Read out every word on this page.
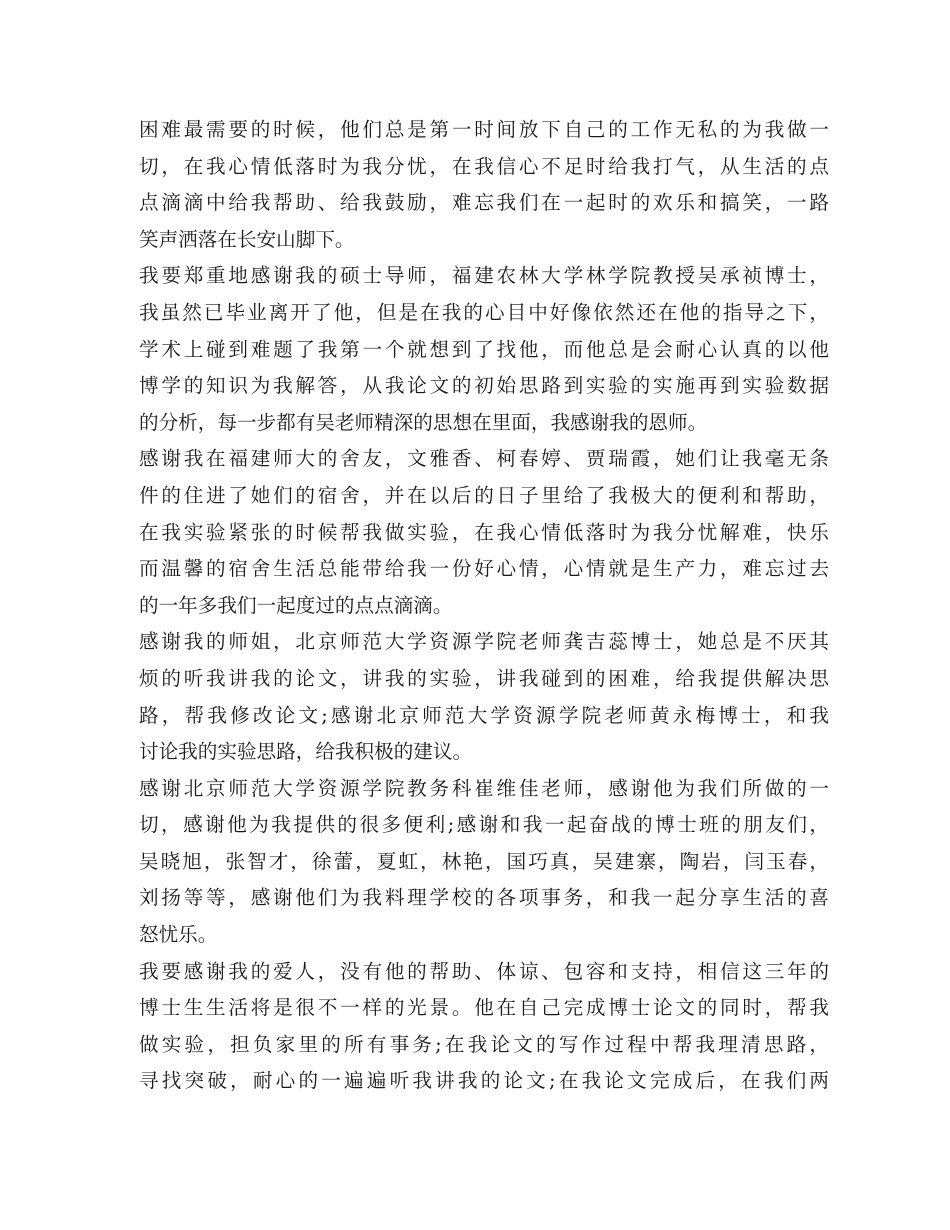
困难最需要的时候，他们总是第一时间放下自己的工作无私的为我做一
切，在我心情低落时为我分忧，在我信心不足时给我打气，从生活的点
点滴滴中给我帮助、给我鼓励，难忘我们在一起时的欢乐和搞笑，一路
笑声洒落在长安山脚下。
我要郑重地感谢我的硕士导师，福建农林大学林学院教授吴承祯博士，
我虽然已毕业离开了他，但是在我的心目中好像依然还在他的指导之下，
学术上碰到难题了我第一个就想到了找他，而他总是会耐心认真的以他
博学的知识为我解答，从我论文的初始思路到实验的实施再到实验数据
的分析，每一步都有吴老师精深的思想在里面，我感谢我的恩师。
感谢我在福建师大的舍友，文雅香、柯春婷、贾瑞霞，她们让我毫无条
件的住进了她们的宿舍，并在以后的日子里给了我极大的便利和帮助，
在我实验紧张的时候帮我做实验，在我心情低落时为我分忧解难，快乐
而温馨的宿舍生活总能带给我一份好心情，心情就是生产力，难忘过去
的一年多我们一起度过的点点滴滴。
感谢我的师姐，北京师范大学资源学院老师龚吉蕊博士，她总是不厌其
烦的听我讲我的论文，讲我的实验，讲我碰到的困难，给我提供解决思
路，帮我修改论文;感谢北京师范大学资源学院老师黄永梅博士，和我
讨论我的实验思路，给我积极的建议。
感谢北京师范大学资源学院教务科崔维佳老师，感谢他为我们所做的一
切，感谢他为我提供的很多便利;感谢和我一起奋战的博士班的朋友们，
吴晓旭，张智才，徐蕾，夏虹，林艳，国巧真，吴建寨，陶岩，闫玉春，
刘扬等等，感谢他们为我料理学校的各项事务，和我一起分享生活的喜
怒忧乐。
我要感谢我的爱人，没有他的帮助、体谅、包容和支持，相信这三年的
博士生生活将是很不一样的光景。他在自己完成博士论文的同时，帮我
做实验，担负家里的所有事务;在我论文的写作过程中帮我理清思路，
寻找突破，耐心的一遍遍听我讲我的论文;在我论文完成后，在我们两
